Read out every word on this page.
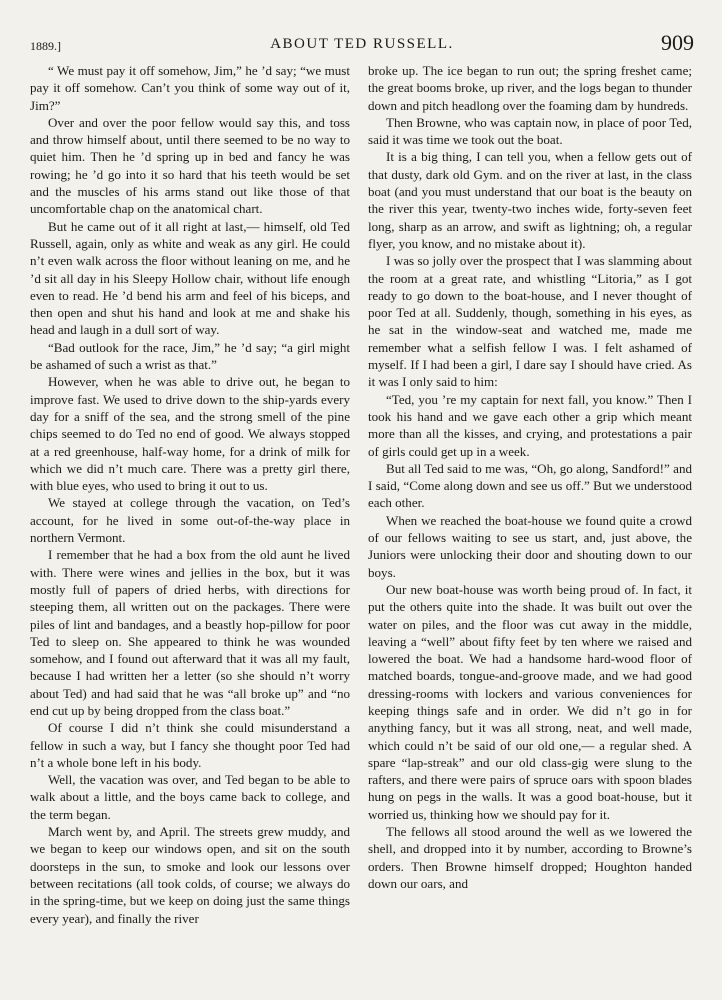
1889.]	ABOUT TED RUSSELL.	909

“ We must pay it off somehow, Jim,” he ’d say; “we must pay it off somehow. Can’t you think of some way out of it, Jim?”

Over and over the poor fellow would say this, and toss and throw himself about, until there seemed to be no way to quiet him. Then he ’d spring up in bed and fancy he was rowing; he ’d go into it so hard that his teeth would be set and the muscles of his arms stand out like those of that uncomfortable chap on the anatomical chart.

But he came out of it all right at last,— himself, old Ted Russell, again, only as white and weak as any girl. He could n’t even walk across the floor without leaning on me, and he ’d sit all day in his Sleepy Hollow chair, without life enough even to read. He ’d bend his arm and feel of his biceps, and then open and shut his hand and look at me and shake his head and laugh in a dull sort of way.

“Bad outlook for the race, Jim,” he ’d say; “a girl might be ashamed of such a wrist as that.”

However, when he was able to drive out, he began to improve fast. We used to drive down to the ship-yards every day for a sniff of the sea, and the strong smell of the pine chips seemed to do Ted no end of good. We always stopped at a red greenhouse, half-way home, for a drink of milk for which we did n’t much care. There was a pretty girl there, with blue eyes, who used to bring it out to us.

We stayed at college through the vacation, on Ted’s account, for he lived in some out-of-the-way place in northern Vermont.

I remember that he had a box from the old aunt he lived with. There were wines and jellies in the box, but it was mostly full of papers of dried herbs, with directions for steeping them, all written out on the packages. There were piles of lint and bandages, and a beastly hop-pillow for poor Ted to sleep on. She appeared to think he was wounded somehow, and I found out afterward that it was all my fault, because I had written her a letter (so she should n’t worry about Ted) and had said that he was “all broke up” and “no end cut up by being dropped from the class boat.”

Of course I did n’t think she could misunderstand a fellow in such a way, but I fancy she thought poor Ted had n’t a whole bone left in his body.

Well, the vacation was over, and Ted began to be able to walk about a little, and the boys came back to college, and the term began.

March went by, and April. The streets grew muddy, and we began to keep our windows open, and sit on the south doorsteps in the sun, to smoke and look our lessons over between recitations (all took colds, of course; we always do in the spring-time, but we keep on doing just the same things every year), and finally the river

broke up. The ice began to run out; the spring freshet came; the great booms broke, up river, and the logs began to thunder down and pitch headlong over the foaming dam by hundreds.

Then Browne, who was captain now, in place of poor Ted, said it was time we took out the boat.

It is a big thing, I can tell you, when a fellow gets out of that dusty, dark old Gym. and on the river at last, in the class boat (and you must understand that our boat is the beauty on the river this year, twenty-two inches wide, forty-seven feet long, sharp as an arrow, and swift as lightning; oh, a regular flyer, you know, and no mistake about it).

I was so jolly over the prospect that I was slamming about the room at a great rate, and whistling “Litoria,” as I got ready to go down to the boat-house, and I never thought of poor Ted at all. Suddenly, though, something in his eyes, as he sat in the window-seat and watched me, made me remember what a selfish fellow I was. I felt ashamed of myself. If I had been a girl, I dare say I should have cried. As it was I only said to him:

“Ted, you ’re my captain for next fall, you know.” Then I took his hand and we gave each other a grip which meant more than all the kisses, and crying, and protestations a pair of girls could get up in a week.

But all Ted said to me was, “Oh, go along, Sandford!” and I said, “Come along down and see us off.” But we understood each other.

When we reached the boat-house we found quite a crowd of our fellows waiting to see us start, and, just above, the Juniors were unlocking their door and shouting down to our boys.

Our new boat-house was worth being proud of. In fact, it put the others quite into the shade. It was built out over the water on piles, and the floor was cut away in the middle, leaving a “well” about fifty feet by ten where we raised and lowered the boat. We had a handsome hard-wood floor of matched boards, tongue-and-groove made, and we had good dressing-rooms with lockers and various conveniences for keeping things safe and in order. We did n’t go in for anything fancy, but it was all strong, neat, and well made, which could n’t be said of our old one,— a regular shed. A spare “lap-streak” and our old class-gig were slung to the rafters, and there were pairs of spruce oars with spoon blades hung on pegs in the walls. It was a good boat-house, but it worried us, thinking how we should pay for it.

The fellows all stood around the well as we lowered the shell, and dropped into it by number, according to Browne’s orders. Then Browne himself dropped; Houghton handed down our oars, and
